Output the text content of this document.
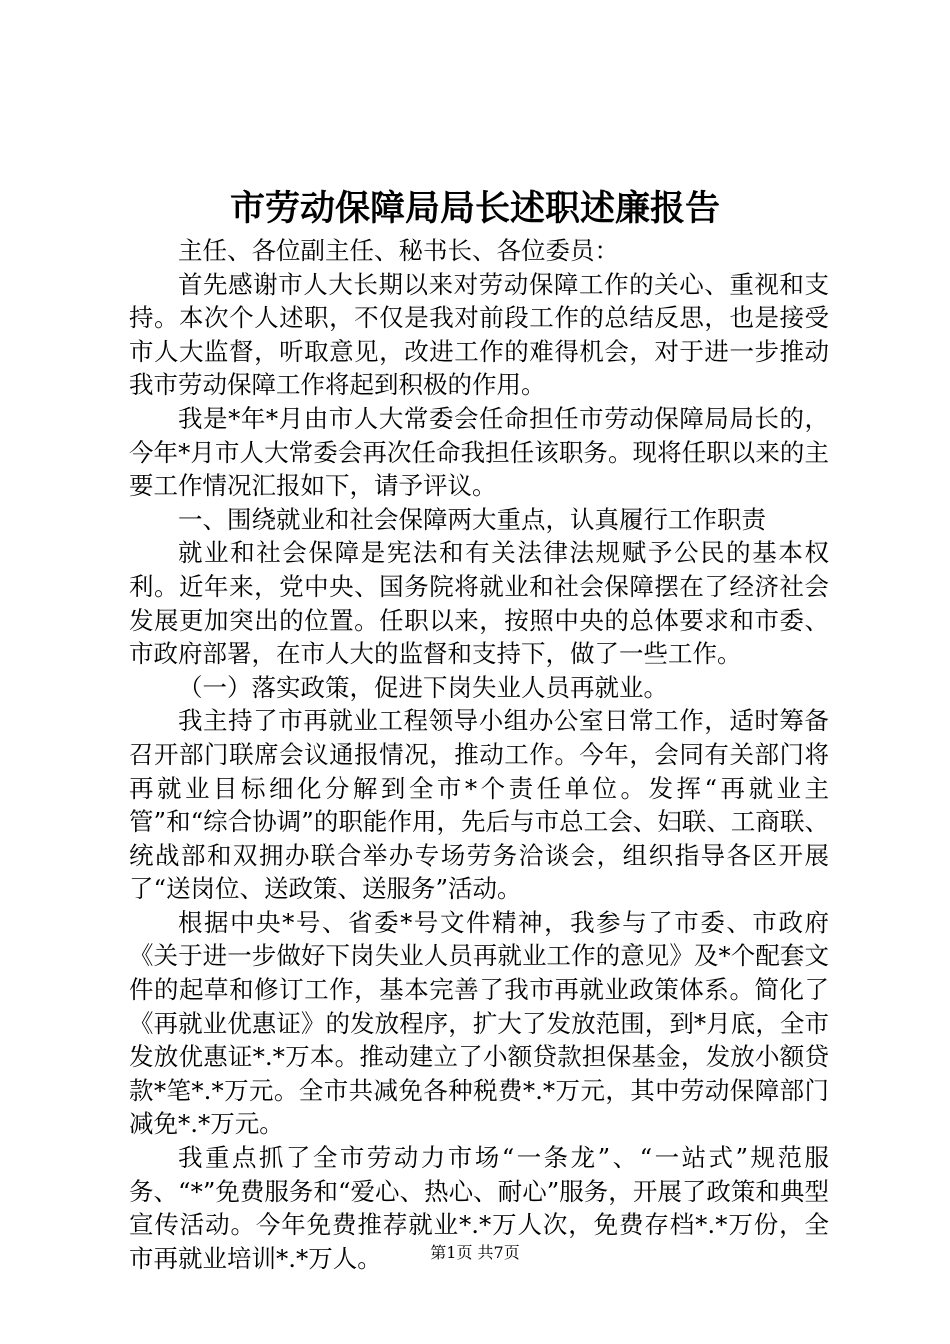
市劳动保障局局长述职述廉报告

主任、各位副主任、秘书长、各位委员：

首先感谢市人大长期以来对劳动保障工作的关心、重视和支持。本次个人述职，不仅是我对前段工作的总结反思，也是接受市人大监督，听取意见，改进工作的难得机会，对于进一步推动我市劳动保障工作将起到积极的作用。

我是*年*月由市人大常委会任命担任市劳动保障局局长的，今年*月市人大常委会再次任命我担任该职务。现将任职以来的主要工作情况汇报如下，请予评议。

一、围绕就业和社会保障两大重点，认真履行工作职责

就业和社会保障是宪法和有关法律法规赋予公民的基本权利。近年来，党中央、国务院将就业和社会保障摆在了经济社会发展更加突出的位置。任职以来，按照中央的总体要求和市委、市政府部署，在市人大的监督和支持下，做了一些工作。

（一）落实政策，促进下岗失业人员再就业。

我主持了市再就业工程领导小组办公室日常工作，适时筹备召开部门联席会议通报情况，推动工作。今年，会同有关部门将再就业目标细化分解到全市*个责任单位。发挥“再就业主管”和“综合协调”的职能作用，先后与市总工会、妇联、工商联、统战部和双拥办联合举办专场劳务洽谈会，组织指导各区开展了“送岗位、送政策、送服务”活动。

根据中央*号、省委*号文件精神，我参与了市委、市政府《关于进一步做好下岗失业人员再就业工作的意见》及*个配套文件的起草和修订工作，基本完善了我市再就业政策体系。简化了《再就业优惠证》的发放程序，扩大了发放范围，到*月底，全市发放优惠证*.*万本。推动建立了小额贷款担保基金，发放小额贷款*笔*.*万元。全市共减免各种税费*.*万元，其中劳动保障部门减免*.*万元。

我重点抓了全市劳动力市场“一条龙”、“一站式”规范服务、“*”免费服务和“爱心、热心、耐心”服务，开展了政策和典型宣传活动。今年免费推荐就业*.*万人次，免费存档*.*万份，全市再就业培训*.*万人。	第1页 共7页
